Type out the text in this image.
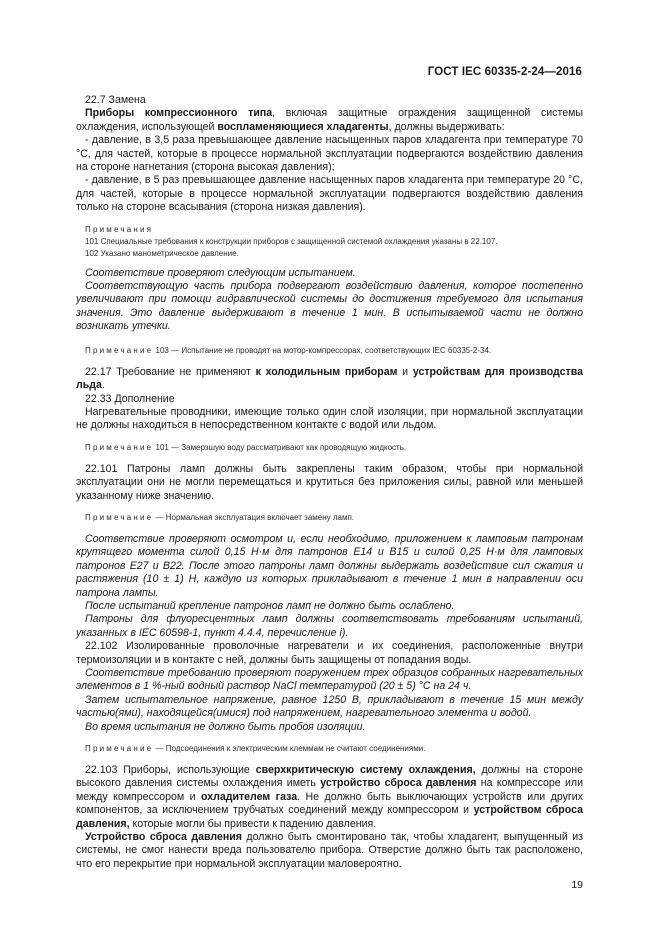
ГОСТ IEC 60335-2-24—2016

22.7 Замена

Приборы компрессионного типа, включая защитные ограждения защищенной системы охлаждения, использующей воспламеняющиеся хладагенты, должны выдерживать:

- давление, в 3,5 раза превышающее давление насыщенных паров хладагента при температуре 70 °С, для частей, которые в процессе нормальной эксплуатации подвергаются воздействию давления на стороне нагнетания (сторона высокая давления);

- давление, в 5 раз превышающее давление насыщенных паров хладагента при температуре 20 °С, для частей, которые в процессе нормальной эксплуатации подвергаются воздействию давления только на стороне всасывания (сторона низкая давления).

Примечания

101 Специальные требования к конструкции приборов с защищенной системой охлаждения указаны в 22.107.

102 Указано манометрическое давление.

Соответствие проверяют следующим испытанием.

Соответствующую часть прибора подвергают воздействию давления, которое постепенно увеличивают при помощи гидравлической системы до достижения требуемого для испытания значения. Это давление выдерживают в течение 1 мин. В испытываемой части не должно возникать утечки.

Примечание 103 — Испытание не проводят на мотор-компрессорах, соответствующих IEC 60335-2-34.

22.17 Требование не применяют к холодильным приборам и устройствам для производства льда.

22.33 Дополнение

Нагревательные проводники, имеющие только один слой изоляции, при нормальной эксплуатации не должны находиться в непосредственном контакте с водой или льдом.

Примечание 101 — Замерзшую воду рассматривают как проводящую жидкость.

22.101 Патроны ламп должны быть закреплены таким образом, чтобы при нормальной эксплуатации они не могли перемещаться и крутиться без приложения силы, равной или меньшей указанному ниже значению.

Примечание — Нормальная эксплуатация включает замену ламп.

Соответствие проверяют осмотром и, если необходимо, приложением к ламповым патронам крутящего момента силой 0,15 Н·м для патронов Е14 и В15 и силой 0,25 Н·м для ламповых патронов Е27 и В22. После этого патроны ламп должны выдержать воздействие сил сжатия и растяжения (10 ± 1) Н, каждую из которых прикладывают в течение 1 мин в направлении оси патрона лампы.

После испытаний крепление патронов ламп не должно быть ослаблено.

Патроны для флуоресцентных ламп должны соответствовать требованиям испытаний, указанных в IEC 60598-1, пункт 4.4.4, перечисление i).

22.102 Изолированные проволочные нагреватели и их соединения, расположенные внутри термоизоляции и в контакте с ней, должны быть защищены от попадания воды.

Соответствие требованию проверяют погружением трех образцов собранных нагревательных элементов в 1 %-ный водный раствор NaCl температурой (20 ± 5) °С на 24 ч.

Затем испытательное напряжение, равное 1250 В, прикладывают в течение 15 мин между частью(ями), находящейся(имися) под напряжением, нагревательного элемента и водой.

Во время испытания не должно быть пробоя изоляции.

Примечание — Подсоединения к электрическим клеммам не считают соединениями.

22.103 Приборы, использующие сверхкритическую систему охлаждения, должны на стороне высокого давления системы охлаждения иметь устройство сброса давления на компрессоре или между компрессором и охладителем газа. Не должно быть выключающих устройств или других компонентов, за исключением трубчатых соединений между компрессором и устройством сброса давления, которые могли бы привести к падению давления.

Устройство сброса давления должно быть смонтировано так, чтобы хладагент, выпущенный из системы, не смог нанести вреда пользователю прибора. Отверстие должно быть так расположено, что его перекрытие при нормальной эксплуатации маловероятно.

19
